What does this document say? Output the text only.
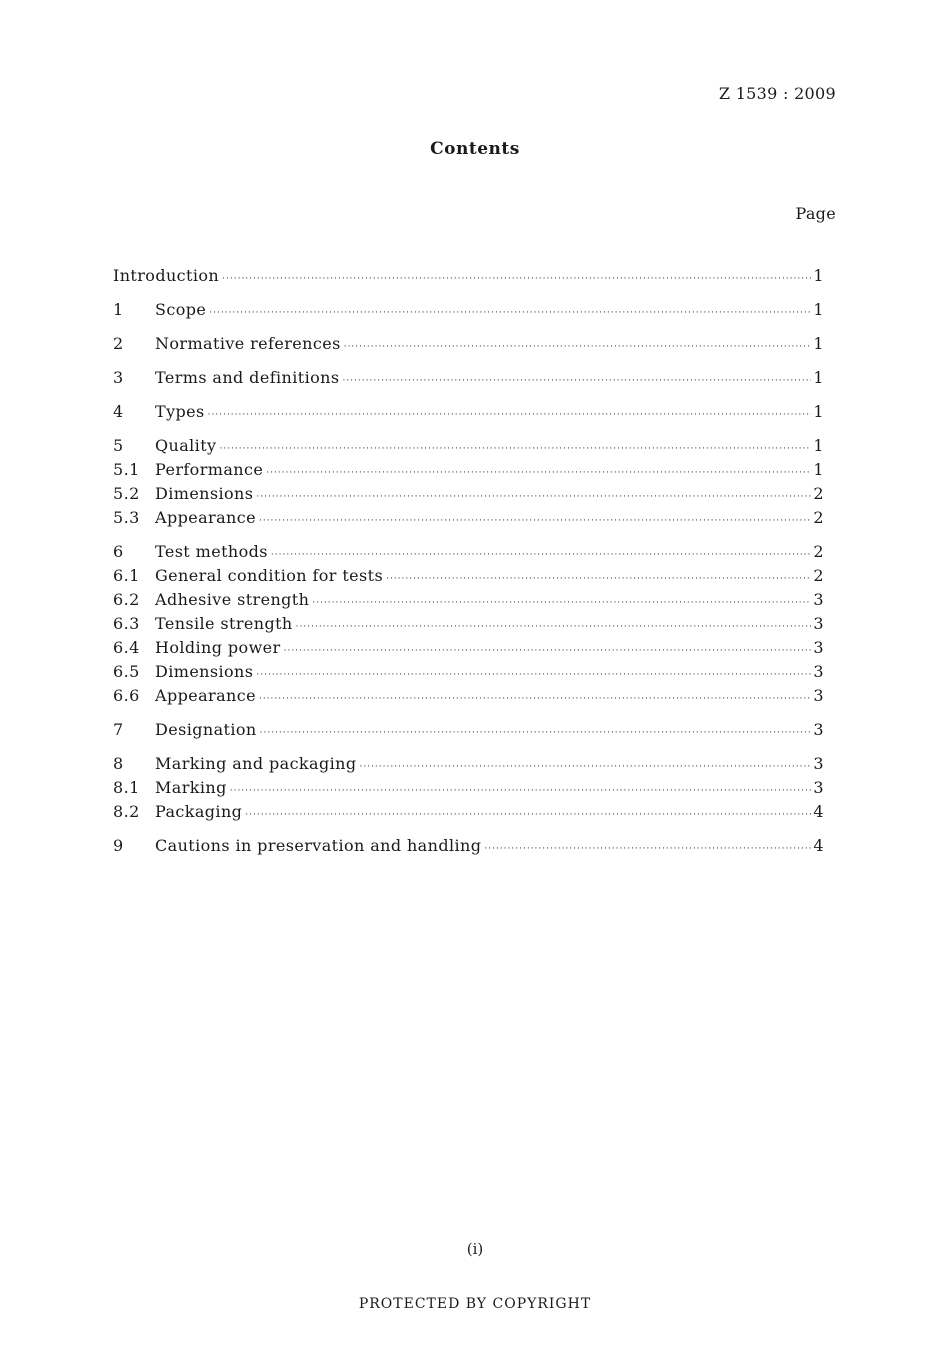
Z 1539 : 2009
Contents
Page
Introduction ·····	1
1	Scope ·····	1
2	Normative references ·····	1
3	Terms and definitions ·····	1
4	Types ·····	1
5	Quality ·····	1
5.1 Performance ·····	1
5.2 Dimensions ·····	2
5.3 Appearance ·····	2
6	Test methods ·····	2
6.1 General condition for tests ·····	2
6.2 Adhesive strength ·····	3
6.3 Tensile strength ·····	3
6.4 Holding power ·····	3
6.5 Dimensions ·····	3
6.6 Appearance ·····	3
7	Designation ·····	3
8	Marking and packaging ·····	3
8.1 Marking ·····	3
8.2 Packaging ·····	4
9	Cautions in preservation and handling ·····	4
(i)
PROTECTED BY COPYRIGHT
